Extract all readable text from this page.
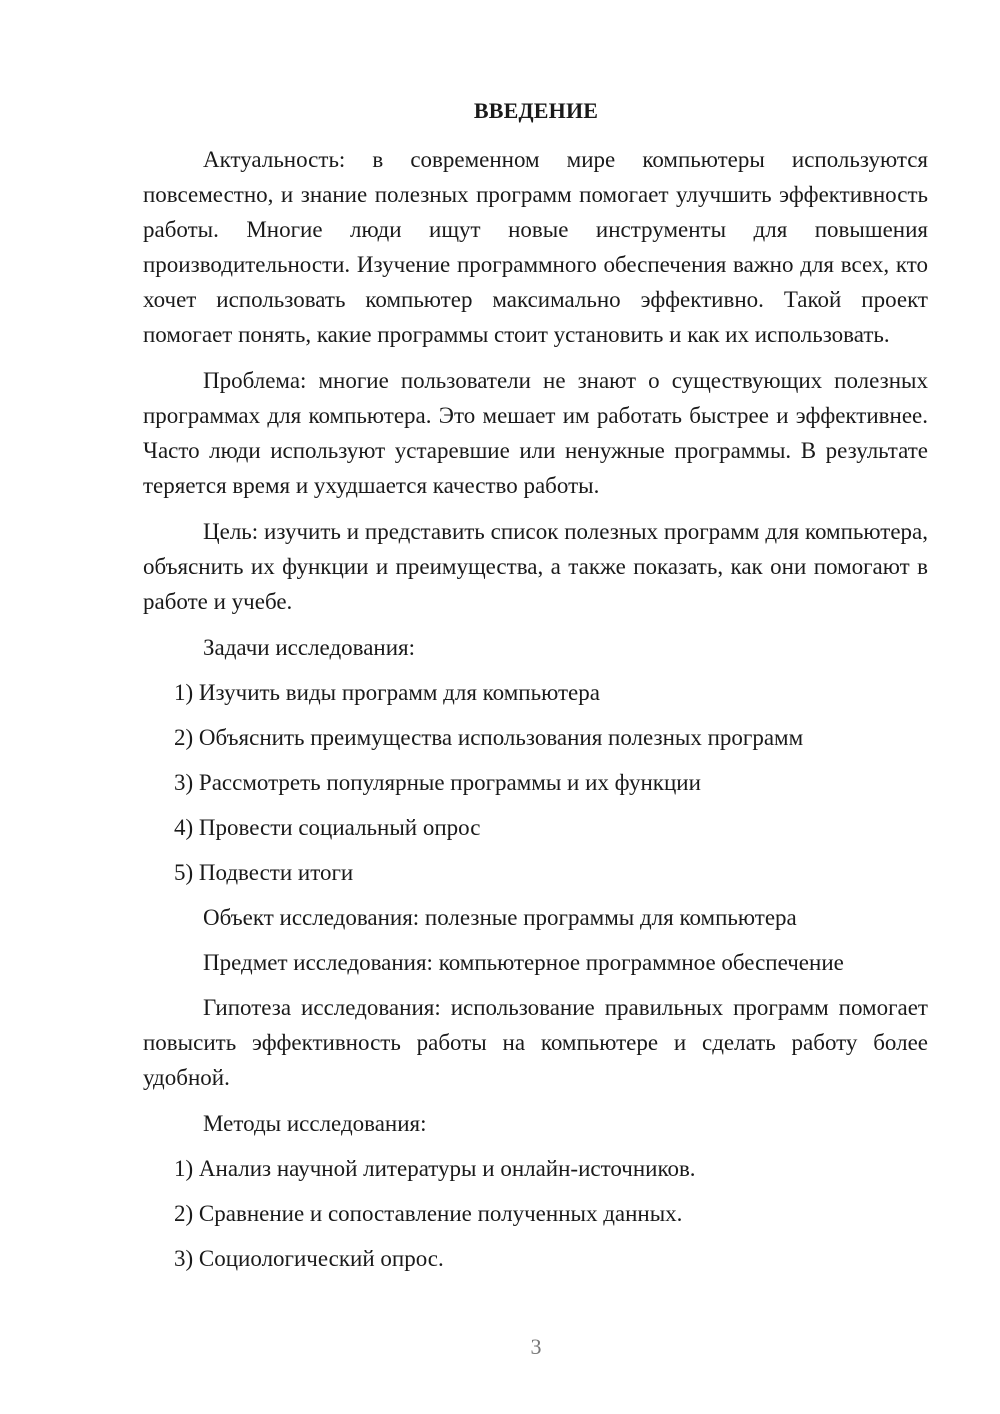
ВВЕДЕНИЕ

Актуальность: в современном мире компьютеры используются повсеместно, и знание полезных программ помогает улучшить эффективность работы. Многие люди ищут новые инструменты для повышения производительности. Изучение программного обеспечения важно для всех, кто хочет использовать компьютер максимально эффективно. Такой проект помогает понять, какие программы стоит установить и как их использовать.

Проблема: многие пользователи не знают о существующих полезных программах для компьютера. Это мешает им работать быстрее и эффективнее. Часто люди используют устаревшие или ненужные программы. В результате теряется время и ухудшается качество работы.

Цель: изучить и представить список полезных программ для компьютера, объяснить их функции и преимущества, а также показать, как они помогают в работе и учебе.

Задачи исследования:
1) Изучить виды программ для компьютера
2) Объяснить преимущества использования полезных программ
3) Рассмотреть популярные программы и их функции
4) Провести социальный опрос
5) Подвести итоги
Объект исследования: полезные программы для компьютера
Предмет исследования: компьютерное программное обеспечение

Гипотеза исследования: использование правильных программ помогает повысить эффективность работы на компьютере и сделать работу более удобной.

Методы исследования:
1) Анализ научной литературы и онлайн-источников.
2) Сравнение и сопоставление полученных данных.
3) Социологический опрос.
3
